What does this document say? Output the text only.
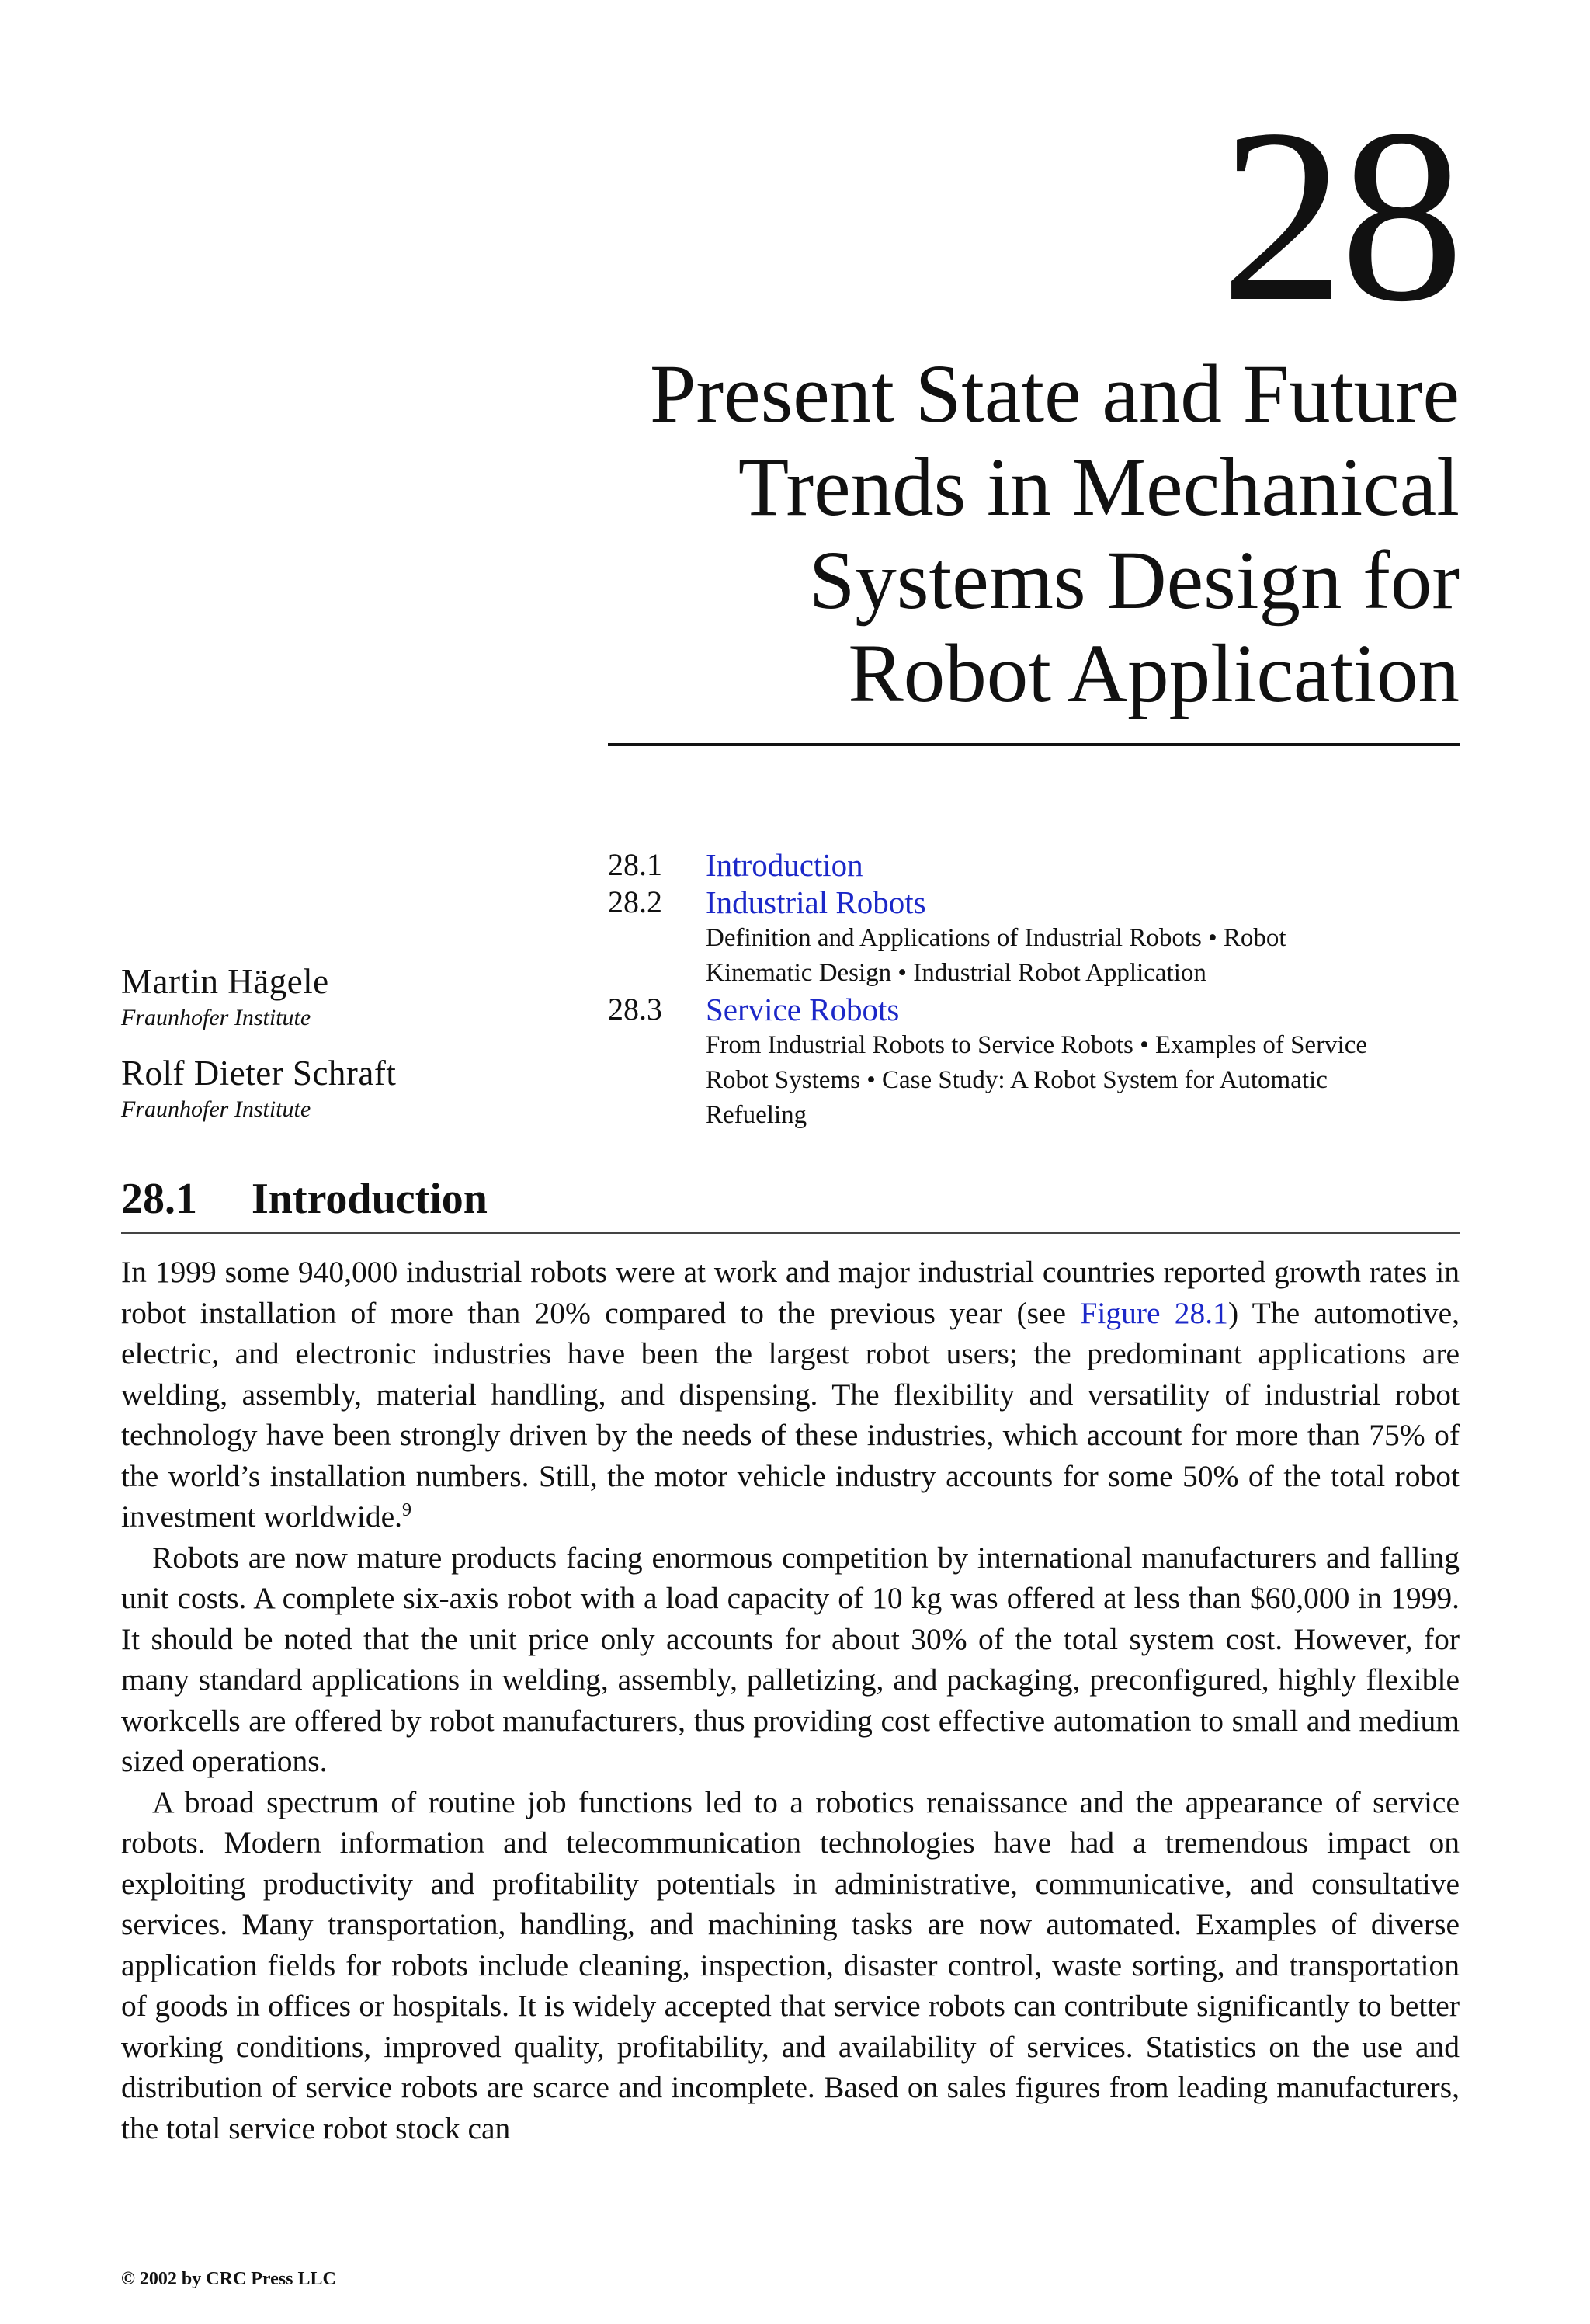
28
Present State and Future
Trends in Mechanical
Systems Design for
Robot Application
28.1	Introduction
28.2	Industrial Robots
Definition and Applications of Industrial Robots • Robot Kinematic Design • Industrial Robot Application
28.3	Service Robots
From Industrial Robots to Service Robots • Examples of Service Robot Systems • Case Study: A Robot System for Automatic Refueling
Martin Hägele
Fraunhofer Institute
Rolf Dieter Schraft
Fraunhofer Institute
28.1 Introduction

In 1999 some 940,000 industrial robots were at work and major industrial countries reported growth rates in robot installation of more than 20% compared to the previous year (see Figure 28.1) The automotive, electric, and electronic industries have been the largest robot users; the predominant applications are welding, assembly, material handling, and dispensing. The flexibility and versatility of industrial robot technology have been strongly driven by the needs of these industries, which account for more than 75% of the world’s installation numbers. Still, the motor vehicle industry accounts for some 50% of the total robot investment worldwide.$^9$

Robots are now mature products facing enormous competition by international manufacturers and falling unit costs. A complete six-axis robot with a load capacity of 10 kg was offered at less than $60,000 in 1999. It should be noted that the unit price only accounts for about 30% of the total system cost. However, for many standard applications in welding, assembly, palletizing, and packaging, preconfigured, highly flexible workcells are offered by robot manufacturers, thus providing cost effective automation to small and medium sized operations.

A broad spectrum of routine job functions led to a robotics renaissance and the appearance of service robots. Modern information and telecommunication technologies have had a tremendous impact on exploiting productivity and profitability potentials in administrative, communicative, and consultative services. Many transportation, handling, and machining tasks are now automated. Examples of diverse application fields for robots include cleaning, inspection, disaster control, waste sorting, and transportation of goods in offices or hospitals. It is widely accepted that service robots can contribute significantly to better working conditions, improved quality, profitability, and availability of services. Statistics on the use and distribution of service robots are scarce and incomplete. Based on sales figures from leading manufacturers, the total service robot stock can

© 2002 by CRC Press LLC
